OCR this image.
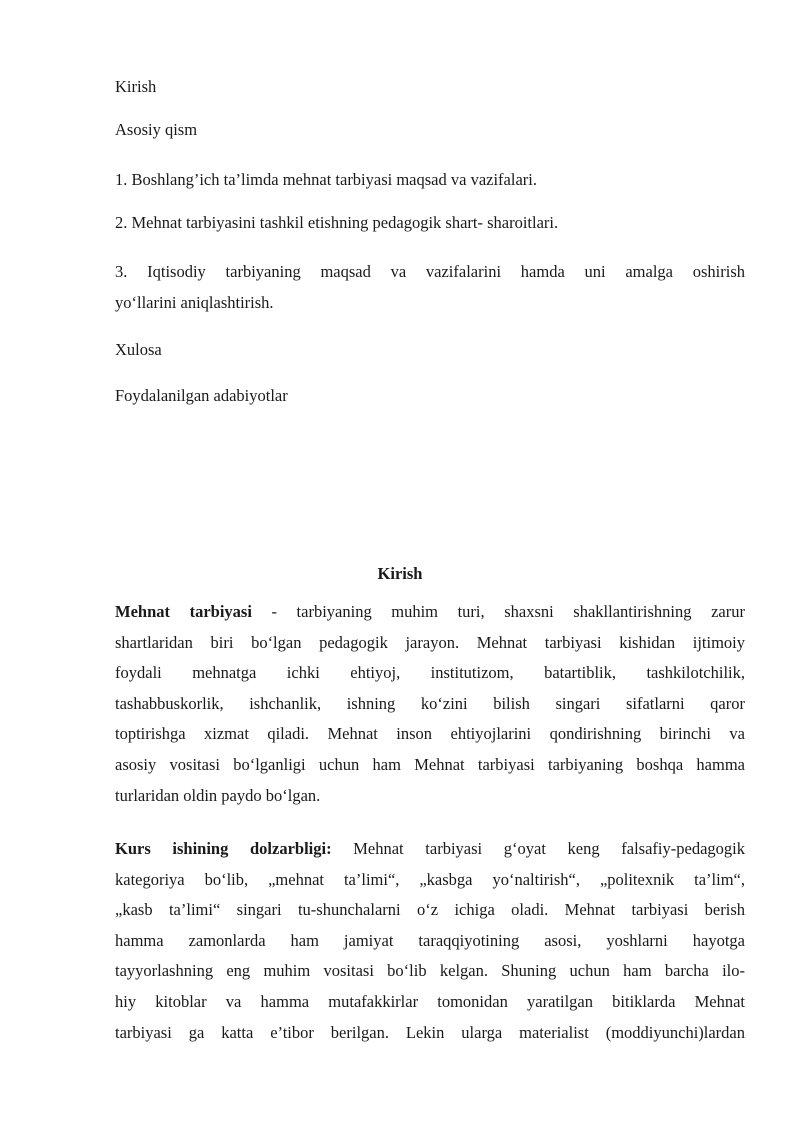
Kirish
Asosiy qism
1. Boshlang’ich ta’limda mehnat tarbiyasi maqsad va vazifalari.
2. Mehnat tarbiyasini tashkil etishning pedagogik shart- sharoitlari.
3. Iqtisodiy tarbiyaning maqsad va vazifalarini hamda uni amalga oshirish
yo‘llarini aniqlashtirish.
Xulosa
Foydalanilgan adabiyotlar
Kirish
Mehnat tarbiyasi - tarbiyaning muhim turi, shaxsni shakllantirishning zarur
shartlaridan biri bo‘lgan pedagogik jarayon. Mehnat tarbiyasi kishidan ijtimoiy
foydali mehnatga ichki ehtiyoj, institutizom, batartiblik, tashkilotchilik,
tashabbuskorlik, ishchanlik, ishning ko‘zini bilish singari sifatlarni qaror
toptirishga xizmat qiladi. Mehnat inson ehtiyojlarini qondirishning birinchi va
asosiy vositasi bo‘lganligi uchun ham Mehnat tarbiyasi tarbiyaning boshqa hamma
turlaridan oldin paydo bo‘lgan.
Kurs ishining dolzarbligi: Mehnat tarbiyasi g‘oyat keng falsafiy-pedagogik
kategoriya bo‘lib, „mehnat ta’limi“, „kasbga yo‘naltirish“, „politexnik ta’lim“,
„kasb ta’limi“ singari tu-shunchalarni o‘z ichiga oladi. Mehnat tarbiyasi berish
hamma zamonlarda ham jamiyat taraqqiyotining asosi, yoshlarni hayotga
tayyorlashning eng muhim vositasi bo‘lib kelgan. Shuning uchun ham barcha ilo-
hiy kitoblar va hamma mutafakkirlar tomonidan yaratilgan bitiklarda Mehnat
tarbiyasi ga katta e’tibor berilgan. Lekin ularga materialist (moddiyunchi)lardan
